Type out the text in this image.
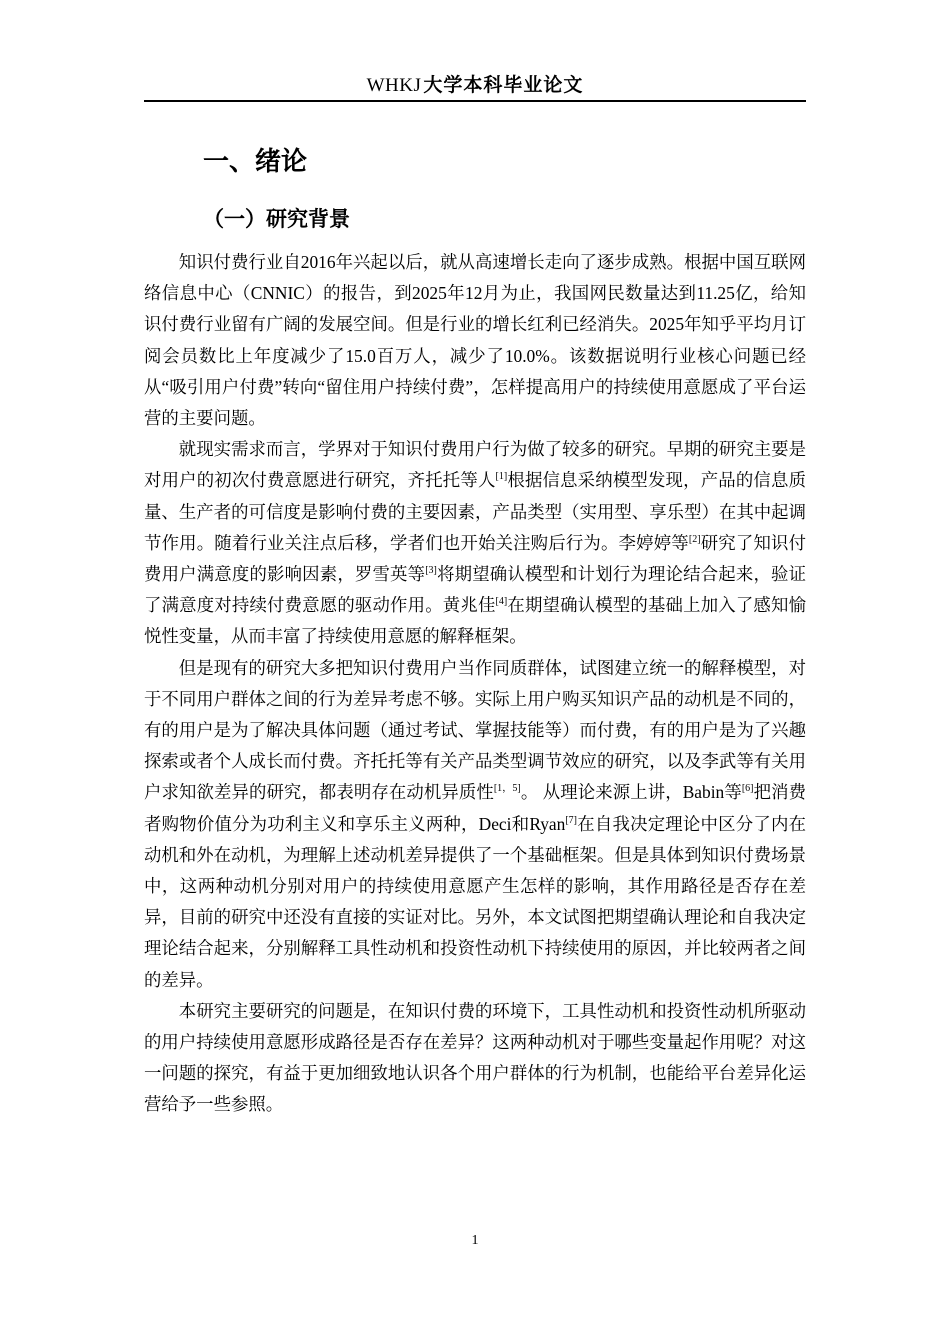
WHKJ 大学本科毕业论文
一、绪论
（一）研究背景

知识付费行业自2016年兴起以后，就从高速增长走向了逐步成熟。根据中国互联网络信息中心（CNNIC）的报告，到2025年12月为止，我国网民数量达到11.25亿，给知识付费行业留有广阔的发展空间。但是行业的增长红利已经消失。2025年知乎平均月订阅会员数比上年度减少了15.0百万人，减少了10.0%。该数据说明行业核心问题已经从“吸引用户付费”转向“留住用户持续付费”，怎样提高用户的持续使用意愿成了平台运营的主要问题。

就现实需求而言，学界对于知识付费用户行为做了较多的研究。早期的研究主要是对用户的初次付费意愿进行研究，齐托托等人[1]根据信息采纳模型发现，产品的信息质量、生产者的可信度是影响付费的主要因素，产品类型（实用型、享乐型）在其中起调节作用。随着行业关注点后移，学者们也开始关注购后行为。李婷婷等[2]研究了知识付费用户满意度的影响因素，罗雪英等[3]将期望确认模型和计划行为理论结合起来，验证了满意度对持续付费意愿的驱动作用。黄兆佳[4]在期望确认模型的基础上加入了感知愉悦性变量，从而丰富了持续使用意愿的解释框架。

但是现有的研究大多把知识付费用户当作同质群体，试图建立统一的解释模型，对于不同用户群体之间的行为差异考虑不够。实际上用户购买知识产品的动机是不同的，有的用户是为了解决具体问题（通过考试、掌握技能等）而付费，有的用户是为了兴趣探索或者个人成长而付费。齐托托等有关产品类型调节效应的研究，以及李武等有关用户求知欲差异的研究，都表明存在动机异质性[1，5]。 从理论来源上讲，Babin等[6]把消费者购物价值分为功利主义和享乐主义两种，Deci和Ryan[7]在自我决定理论中区分了内在动机和外在动机，为理解上述动机差异提供了一个基础框架。但是具体到知识付费场景中，这两种动机分别对用户的持续使用意愿产生怎样的影响，其作用路径是否存在差异，目前的研究中还没有直接的实证对比。另外，本文试图把期望确认理论和自我决定理论结合起来，分别解释工具性动机和投资性动机下持续使用的原因，并比较两者之间的差异。

本研究主要研究的问题是，在知识付费的环境下，工具性动机和投资性动机所驱动的用户持续使用意愿形成路径是否存在差异？这两种动机对于哪些变量起作用呢？对这一问题的探究，有益于更加细致地认识各个用户群体的行为机制，也能给平台差异化运营给予一些参照。

1
